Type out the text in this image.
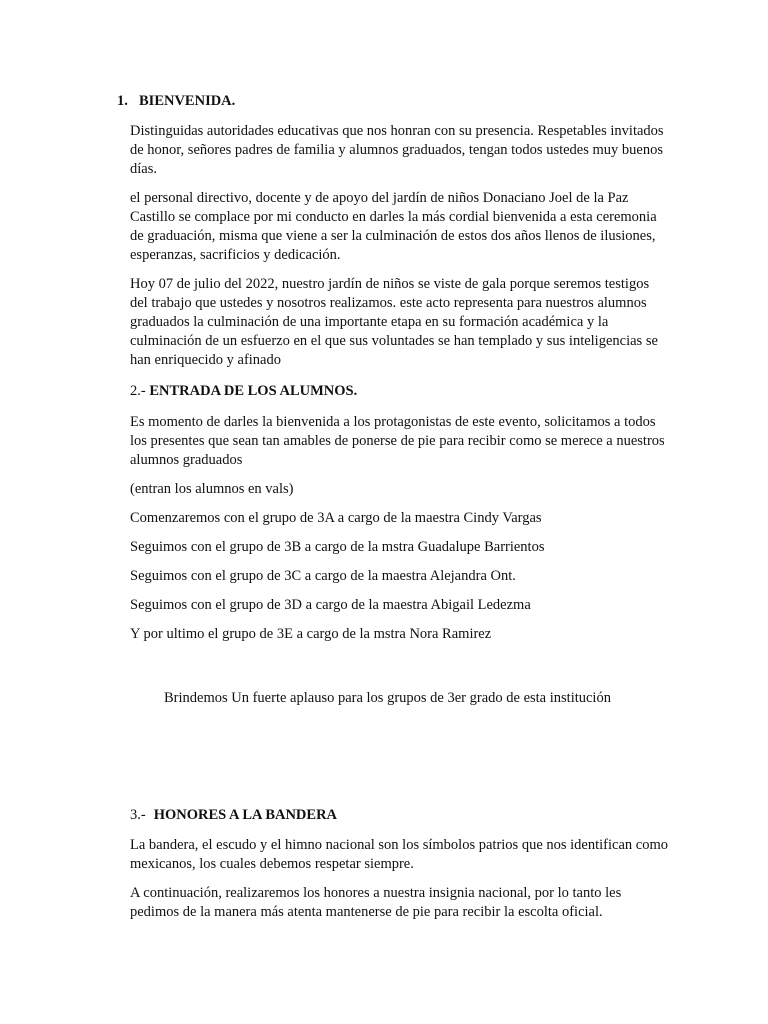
1. BIENVENIDA.

Distinguidas autoridades educativas que nos honran con su presencia. Respetables invitados de honor, señores padres de familia y alumnos graduados, tengan todos ustedes muy buenos días.

el personal directivo, docente y de apoyo del jardín de niños Donaciano Joel de la Paz Castillo se complace por mi conducto en darles la más cordial bienvenida a esta ceremonia de graduación, misma que viene a ser la culminación de estos dos años llenos de ilusiones, esperanzas, sacrificios y dedicación.

Hoy 07 de julio del 2022, nuestro jardín de niños se viste de gala porque seremos testigos del trabajo que ustedes y nosotros realizamos. este acto representa para nuestros alumnos graduados la culminación de una importante etapa en su formación académica y la culminación de un esfuerzo en el que sus voluntades se han templado y sus inteligencias se han enriquecido y afinado

2.- ENTRADA DE LOS ALUMNOS.

Es momento de darles la bienvenida a los protagonistas de este evento, solicitamos a todos los presentes que sean tan amables de ponerse de pie para recibir como se merece a nuestros alumnos graduados

(entran los alumnos en vals)

Comenzaremos con el grupo de 3A a cargo de la maestra Cindy Vargas

Seguimos con el grupo de 3B a cargo de la mstra Guadalupe Barrientos

Seguimos con el grupo de 3C a cargo de la maestra Alejandra Ont.

Seguimos con el grupo de 3D a cargo de la maestra Abigail Ledezma

Y por ultimo el grupo de 3E a cargo de la mstra Nora Ramirez

Brindemos Un fuerte aplauso para los grupos de 3er grado de esta institución
3.- HONORES A LA BANDERA

La bandera, el escudo y el himno nacional son los símbolos patrios que nos identifican como mexicanos, los cuales debemos respetar siempre.

A continuación, realizaremos los honores a nuestra insignia nacional, por lo tanto les pedimos de la manera más atenta mantenerse de pie para recibir la escolta oficial.
